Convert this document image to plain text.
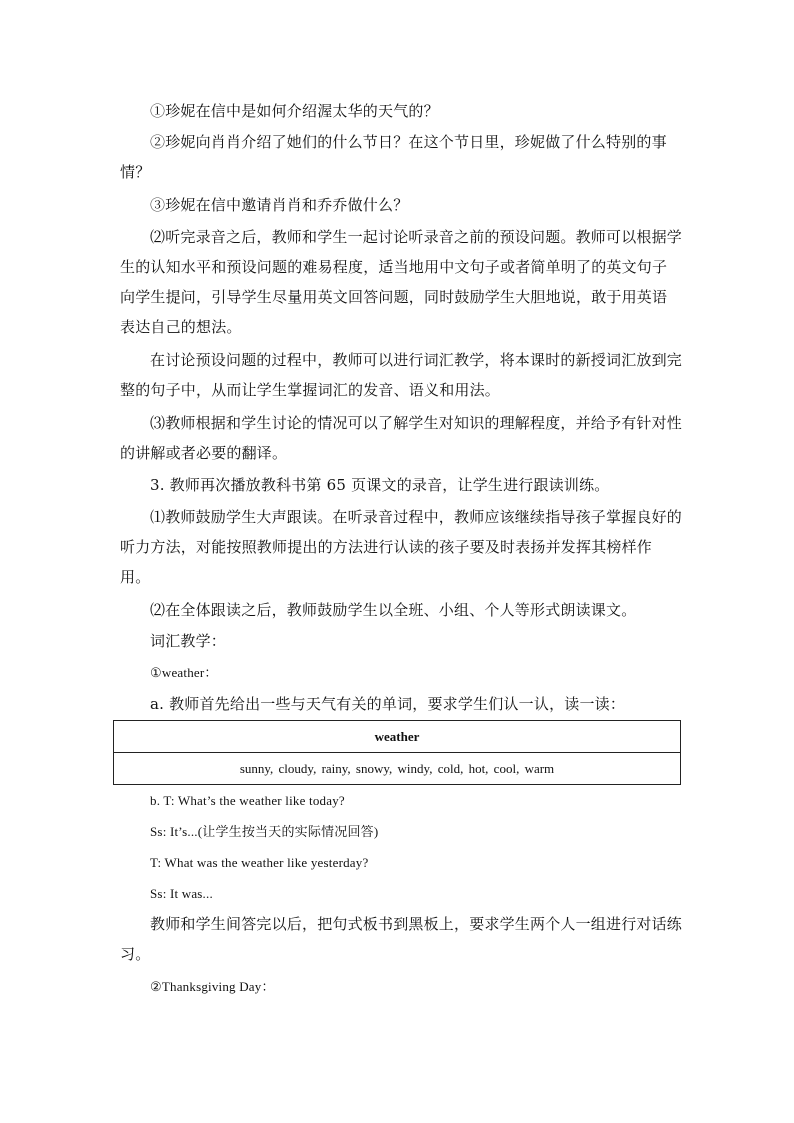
①珍妮在信中是如何介绍渥太华的天气的？

②珍妮向肖肖介绍了她们的什么节日？在这个节日里，珍妮做了什么特别的事情？

③珍妮在信中邀请肖肖和乔乔做什么？

⑵听完录音之后，教师和学生一起讨论听录音之前的预设问题。教师可以根据学生的认知水平和预设问题的难易程度，适当地用中文句子或者简单明了的英文句子向学生提问，引导学生尽量用英文回答问题，同时鼓励学生大胆地说，敢于用英语表达自己的想法。

在讨论预设问题的过程中，教师可以进行词汇教学，将本课时的新授词汇放到完整的句子中，从而让学生掌握词汇的发音、语义和用法。

⑶教师根据和学生讨论的情况可以了解学生对知识的理解程度，并给予有针对性的讲解或者必要的翻译。

3. 教师再次播放教科书第 65 页课文的录音，让学生进行跟读训练。

⑴教师鼓励学生大声跟读。在听录音过程中，教师应该继续指导孩子掌握良好的听力方法，对能按照教师提出的方法进行认读的孩子要及时表扬并发挥其榜样作用。

⑵在全体跟读之后，教师鼓励学生以全班、小组、个人等形式朗读课文。

词汇教学：

①weather：

a. 教师首先给出一些与天气有关的单词，要求学生们认一认，读一读：

weather
sunny, cloudy, rainy, snowy, windy, cold, hot, cool, warm

b. T: What’s the weather like today?

Ss: It’s...(让学生按当天的实际情况回答)

T: What was the weather like yesterday?

Ss: It was...

教师和学生间答完以后，把句式板书到黑板上，要求学生两个人一组进行对话练习。

②Thanksgiving Day：
